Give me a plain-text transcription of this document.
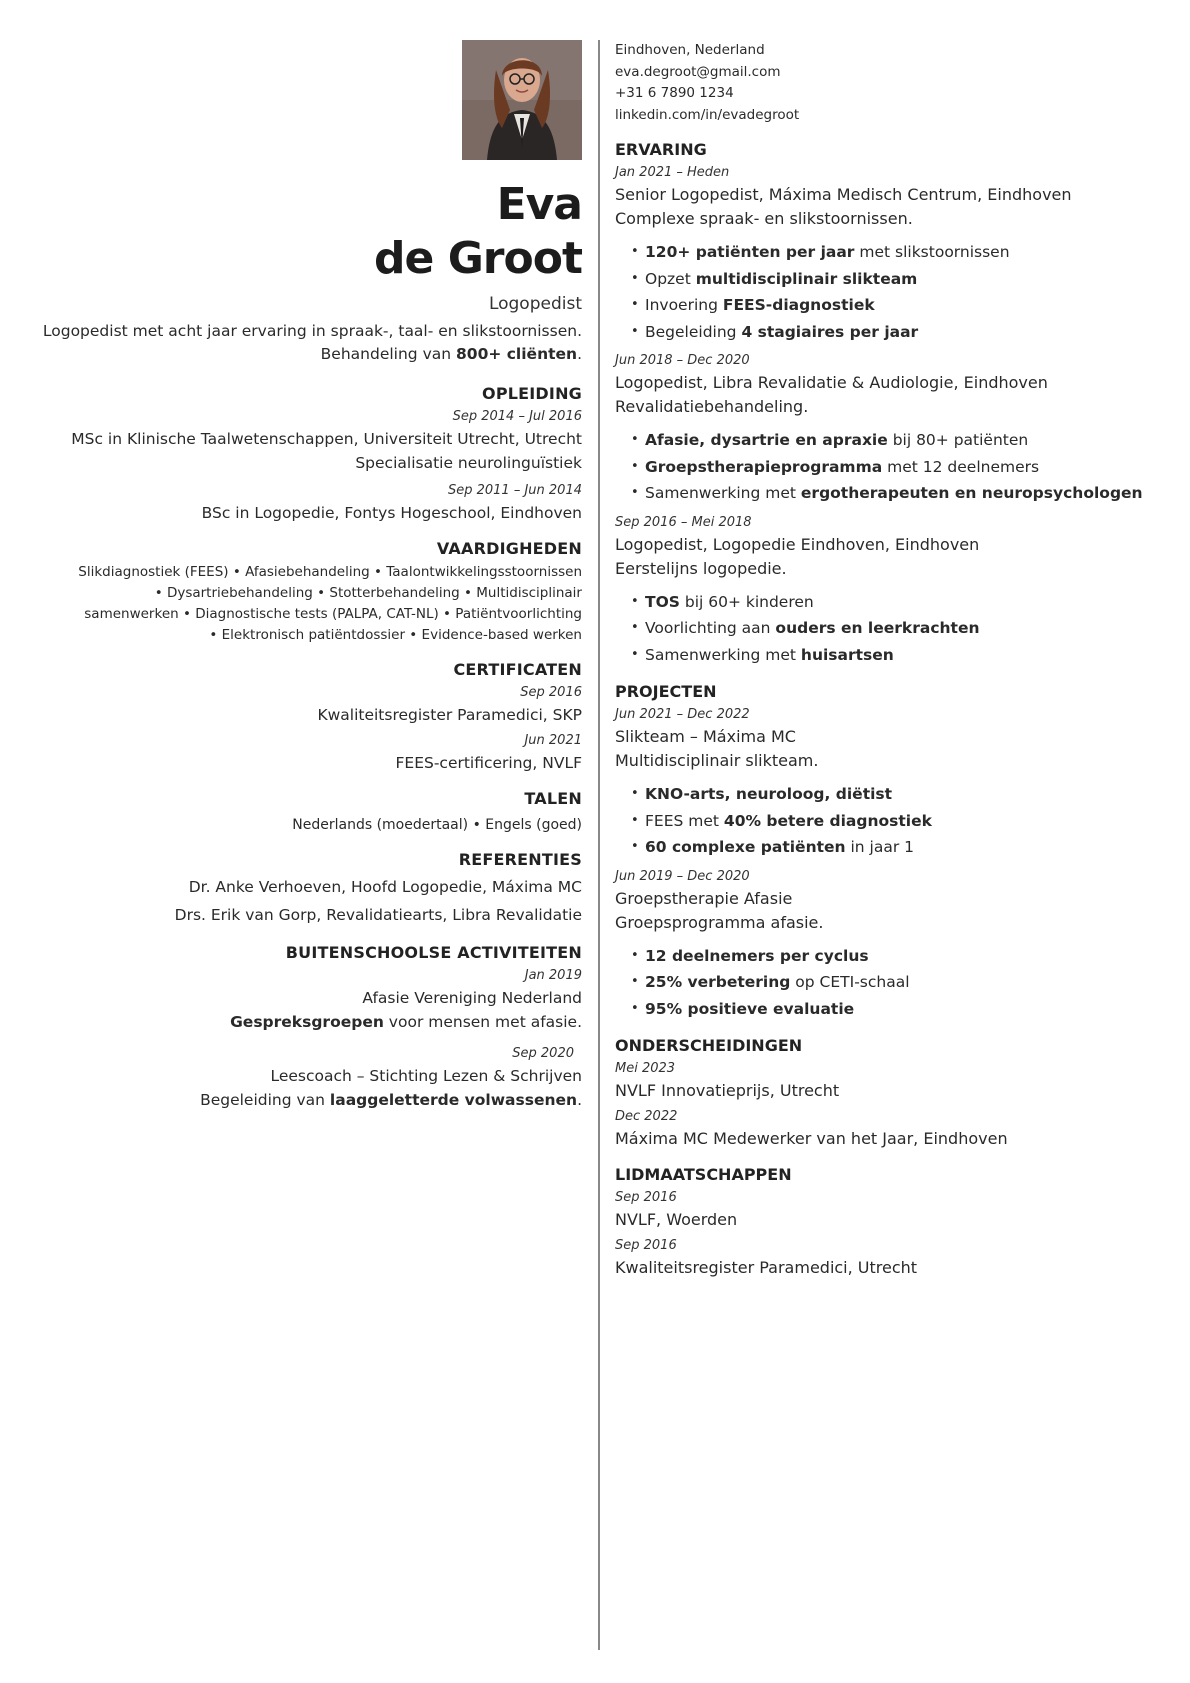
Eva
de Groot
Logopedist
Logopedist met acht jaar ervaring in spraak-, taal- en slikstoornissen. Behandeling van 800+ cliënten.
OPLEIDING
Sep 2014 – Jul 2016
MSc in Klinische Taalwetenschappen, Universiteit Utrecht, Utrecht
Specialisatie neurolinguïstiek
Sep 2011 – Jun 2014
BSc in Logopedie, Fontys Hogeschool, Eindhoven
VAARDIGHEDEN
Slikdiagnostiek (FEES) • Afasiebehandeling • Taalontwikkelingsstoornissen
• Dysartriebehandeling • Stotterbehandeling • Multidisciplinair
samenwerken • Diagnostische tests (PALPA, CAT-NL) • Patiëntvoorlichting
• Elektronisch patiëntdossier • Evidence-based werken
CERTIFICATEN
Sep 2016
Kwaliteitsregister Paramedici, SKP
Jun 2021
FEES-certificering, NVLF
TALEN
Nederlands (moedertaal) • Engels (goed)
REFERENTIES
Dr. Anke Verhoeven, Hoofd Logopedie, Máxima MC
Drs. Erik van Gorp, Revalidatiearts, Libra Revalidatie
BUITENSCHOOLSE ACTIVITEITEN
Jan 2019
Afasie Vereniging Nederland
Gespreksgroepen voor mensen met afasie.
Sep 2020
Leescoach – Stichting Lezen & Schrijven
Begeleiding van laaggeletterde volwassenen.
Eindhoven, Nederland
eva.degroot@gmail.com
+31 6 7890 1234
linkedin.com/in/evadegroot
ERVARING
Jan 2021 – Heden
Senior Logopedist, Máxima Medisch Centrum, Eindhoven
Complexe spraak- en slikstoornissen.
• 120+ patiënten per jaar met slikstoornissen
• Opzet multidisciplinair slikteam
• Invoering FEES-diagnostiek
• Begeleiding 4 stagiaires per jaar
Jun 2018 – Dec 2020
Logopedist, Libra Revalidatie & Audiologie, Eindhoven
Revalidatiebehandeling.
• Afasie, dysartrie en apraxie bij 80+ patiënten
• Groepstherapieprogramma met 12 deelnemers
• Samenwerking met ergotherapeuten en neuropsychologen
Sep 2016 – Mei 2018
Logopedist, Logopedie Eindhoven, Eindhoven
Eerstelijns logopedie.
• TOS bij 60+ kinderen
• Voorlichting aan ouders en leerkrachten
• Samenwerking met huisartsen
PROJECTEN
Jun 2021 – Dec 2022
Slikteam – Máxima MC
Multidisciplinair slikteam.
• KNO-arts, neuroloog, diëtist
• FEES met 40% betere diagnostiek
• 60 complexe patiënten in jaar 1
Jun 2019 – Dec 2020
Groepstherapie Afasie
Groepsprogramma afasie.
• 12 deelnemers per cyclus
• 25% verbetering op CETI-schaal
• 95% positieve evaluatie
ONDERSCHEIDINGEN
Mei 2023
NVLF Innovatieprijs, Utrecht
Dec 2022
Máxima MC Medewerker van het Jaar, Eindhoven
LIDMAATSCHAPPEN
Sep 2016
NVLF, Woerden
Sep 2016
Kwaliteitsregister Paramedici, Utrecht
